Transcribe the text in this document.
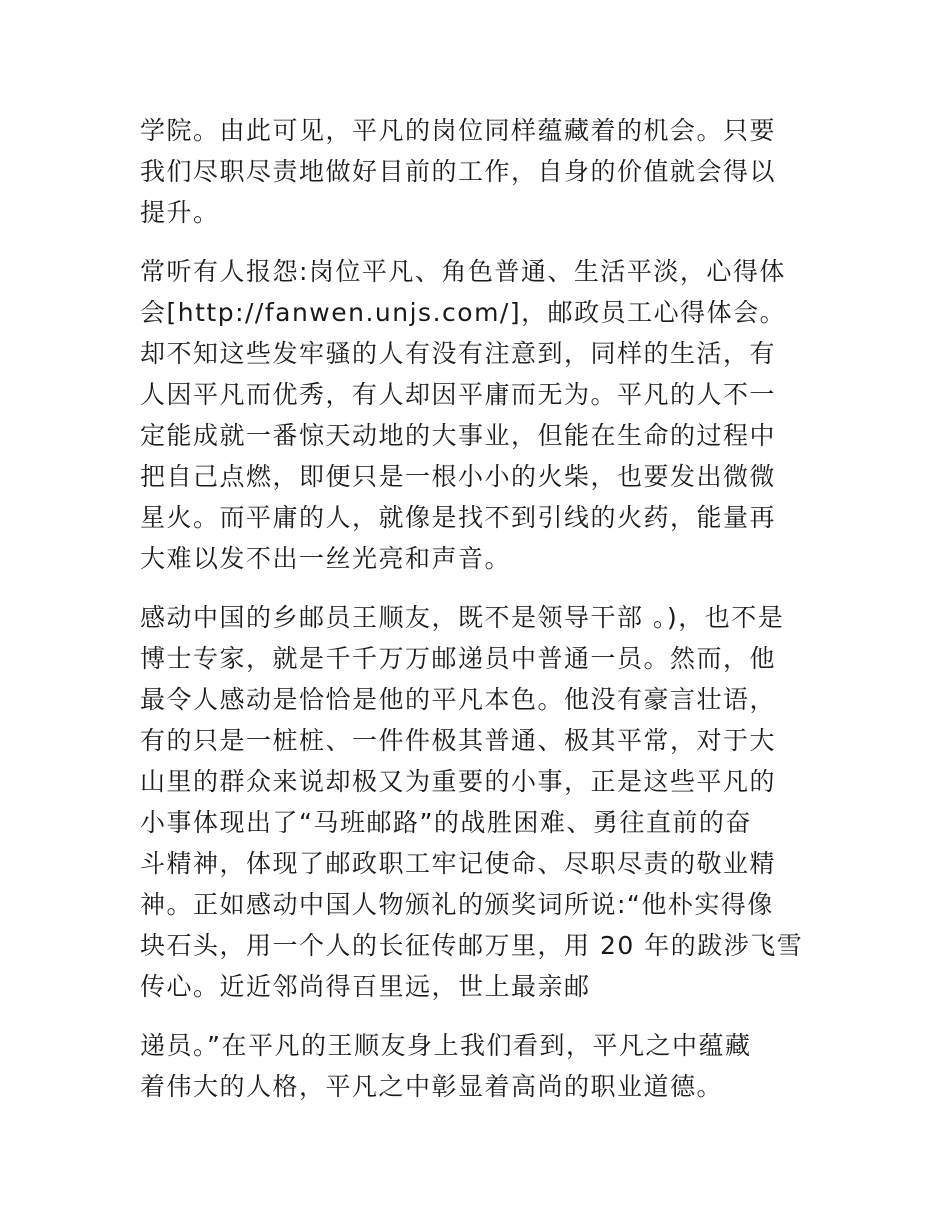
学院。由此可见，平凡的岗位同样蕴藏着的机会。只要
我们尽职尽责地做好目前的工作，自身的价值就会得以
提升。
常听有人报怨:岗位平凡、角色普通、生活平淡，心得体
会[http://fanwen.unjs.com/]，邮政员工心得体会。
却不知这些发牢骚的人有没有注意到，同样的生活，有
人因平凡而优秀，有人却因平庸而无为。平凡的人不一
定能成就一番惊天动地的大事业，但能在生命的过程中
把自己点燃，即便只是一根小小的火柴，也要发出微微
星火。而平庸的人，就像是找不到引线的火药，能量再
大难以发不出一丝光亮和声音。
感动中国的乡邮员王顺友，既不是领导干部 。)，也不是
博士专家，就是千千万万邮递员中普通一员。然而，他
最令人感动是恰恰是他的平凡本色。他没有豪言壮语，
有的只是一桩桩、一件件极其普通、极其平常，对于大
山里的群众来说却极又为重要的小事，正是这些平凡的
小事体现出了“马班邮路”的战胜困难、勇往直前的奋
斗精神，体现了邮政职工牢记使命、尽职尽责的敬业精
神。正如感动中国人物颁礼的颁奖词所说:“他朴实得像
块石头，用一个人的长征传邮万里，用 20 年的跋涉飞雪
传心。近近邻尚得百里远，世上最亲邮
递员。”在平凡的王顺友身上我们看到，平凡之中蕴藏
着伟大的人格，平凡之中彰显着高尚的职业道德。
